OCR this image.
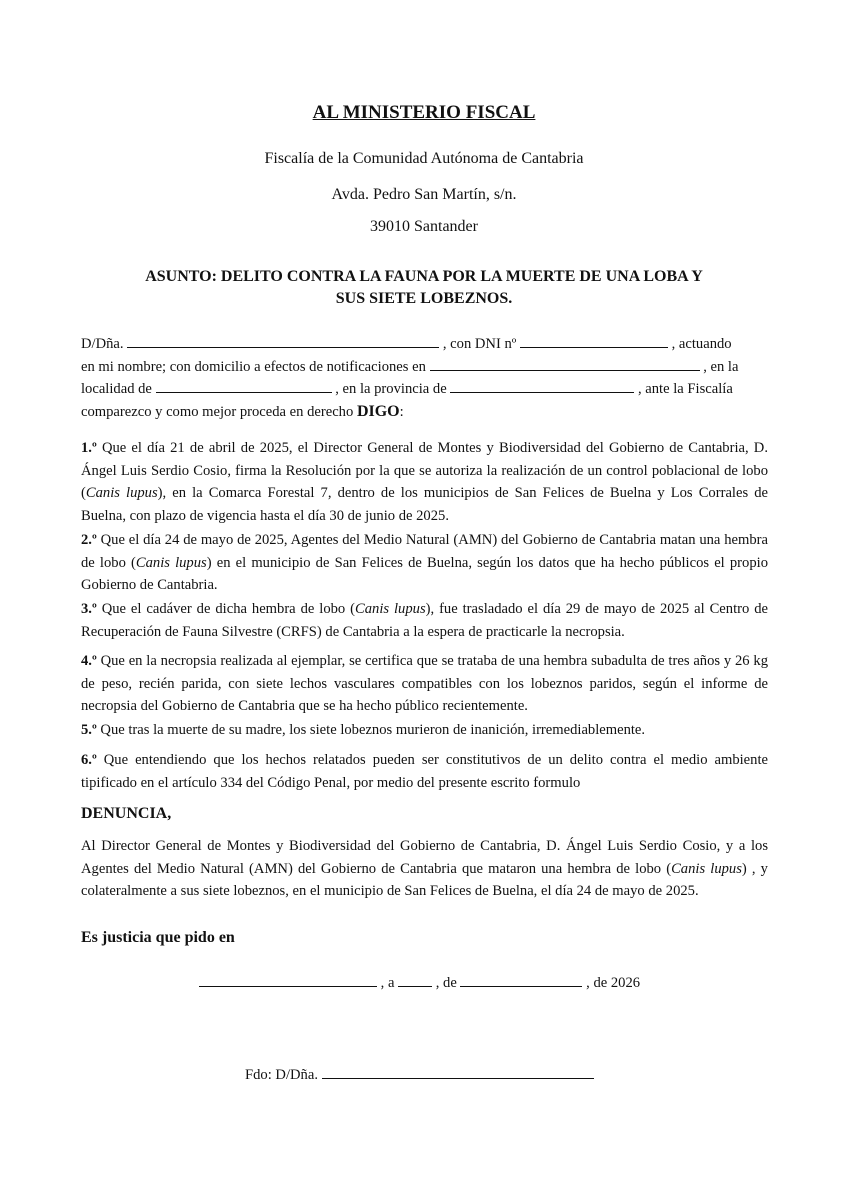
AL MINISTERIO FISCAL
Fiscalía de la Comunidad Autónoma de Cantabria
Avda. Pedro San Martín, s/n.
39010 Santander
ASUNTO: DELITO CONTRA LA FAUNA POR LA MUERTE DE UNA LOBA Y
SUS SIETE LOBEZNOS.
D/Dña.	, con DNI nº	, actuando
en mi nombre; con domicilio a efectos de notificaciones en	, en la
localidad de	, en la provincia de	, ante la Fiscalía
comparezco y como mejor proceda en derecho DIGO:
1.º Que el día 21 de abril de 2025, el Director General de Montes y Biodiversidad del Gobierno de Cantabria, D. Ángel Luis Serdio Cosio, firma la Resolución por la que se autoriza la realización de un control poblacional de lobo (Canis lupus), en la Comarca Forestal 7, dentro de los municipios de San Felices de Buelna y Los Corrales de Buelna, con plazo de vigencia hasta el día 30 de junio de 2025.
2.º Que el día 24 de mayo de 2025, Agentes del Medio Natural (AMN) del Gobierno de Cantabria matan una hembra de lobo (Canis lupus) en el municipio de San Felices de Buelna, según los datos que ha hecho públicos el propio Gobierno de Cantabria.
3.º Que el cadáver de dicha hembra de lobo (Canis lupus), fue trasladado el día 29 de mayo de 2025 al Centro de Recuperación de Fauna Silvestre (CRFS) de Cantabria a la espera de practicarle la necropsia.
4.º Que en la necropsia realizada al ejemplar, se certifica que se trataba de una hembra subadulta de tres años y 26 kg de peso, recién parida, con siete lechos vasculares compatibles con los lobeznos paridos, según el informe de necropsia del Gobierno de Cantabria que se ha hecho público recientemente.
5.º Que tras la muerte de su madre, los siete lobeznos murieron de inanición, irremediablemente.
6.º Que entendiendo que los hechos relatados pueden ser constitutivos de un delito contra el medio ambiente tipificado en el artículo 334 del Código Penal, por medio del presente escrito formulo
DENUNCIA,
Al Director General de Montes y Biodiversidad del Gobierno de Cantabria, D. Ángel Luis Serdio Cosio, y a los Agentes del Medio Natural (AMN) del Gobierno de Cantabria que mataron una hembra de lobo (Canis lupus) , y colateralmente a sus siete lobeznos, en el municipio de San Felices de Buelna, el día 24 de mayo de 2025.
Es justicia que pido en
, a	, de	, de 2026
Fdo: D/Dña.
